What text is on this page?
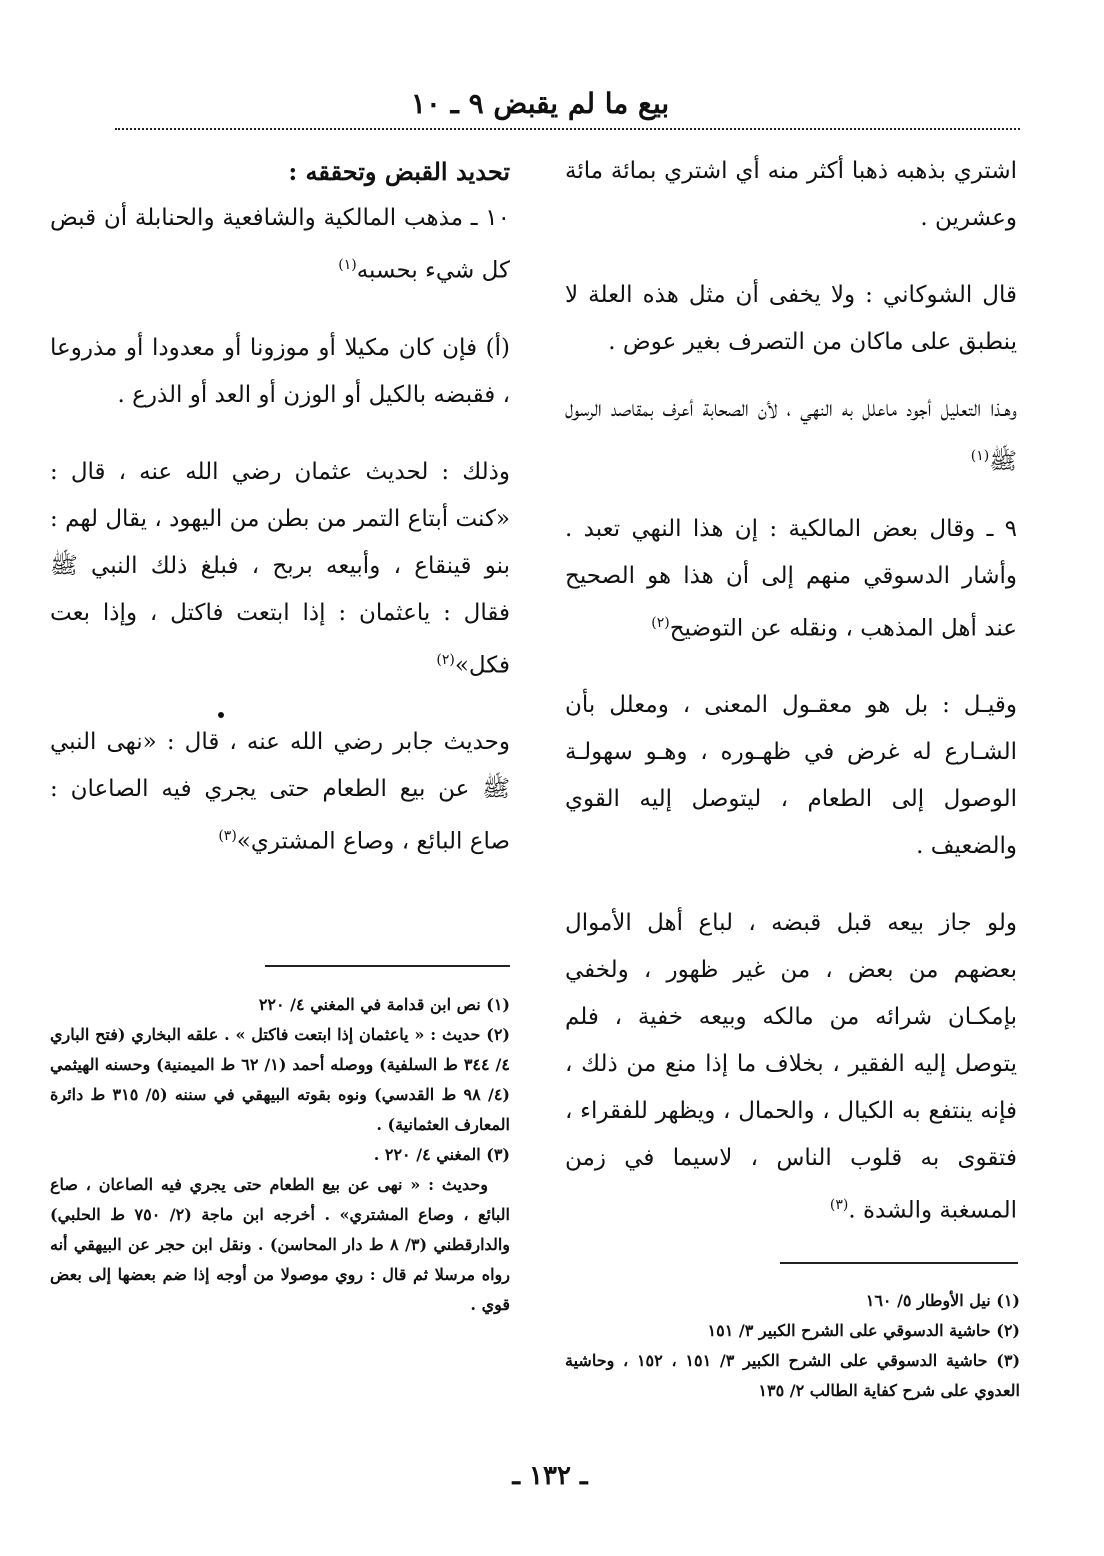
بيع ما لم يقبض ٩ ـ ١٠

اشتري بذهبه ذهبا أكثر منه أي اشتري بمائة مائة وعشرين .

قال الشوكاني : ولا يخفى أن مثل هذه العلة لا ينطبق على ماكان من التصرف بغير عوض .

وهـذا التعليل أجود ماعلل به النهي ، لأن الصحابة أعرف بمقاصد الرسول ﷺ$^{(١)}$

٩ ـ وقال بعض المالكية : إن هذا النهي تعبد . وأشار الدسوقي منهم إلى أن هذا هو الصحيح عند أهل المذهب ، ونقله عن التوضيح$^{(٢)}$

وقيـل : بل هو معقـول المعنى ، ومعلل بأن الشـارع له غرض في ظهـوره ، وهـو سهولـة الوصول إلى الطعام ، ليتوصل إليه القوي والضعيف .

ولو جاز بيعه قبل قبضه ، لباع أهل الأموال بعضهم من بعض ، من غير ظهور ، ولخفي بإمكـان شرائه من مالكه وبيعه خفية ، فلم يتوصل إليه الفقير ، بخلاف ما إذا منع من ذلك ، فإنه ينتفع به الكيال ، والحمال ، ويظهر للفقراء ، فتقوى به قلوب الناس ، لاسيما في زمن المسغبة والشدة .$^{(٣)}$

تحديد القبض وتحققه :

١٠ ـ مذهب المالكية والشافعية والحنابلة أن قبض كل شيء بحسبه$^{(١)}$

(أ) فإن كان مكيلا أو موزونا أو معدودا أو مذروعا ، فقبضه بالكيل أو الوزن أو العد أو الذرع .

وذلك : لحديث عثمان رضي الله عنه ، قال : «كنت أبتاع التمر من بطن من اليهود ، يقال لهم : بنو قينقاع ، وأبيعه بربح ، فبلغ ذلك النبي ﷺ فقال : ياعثمان : إذا ابتعت فاكتل ، وإذا بعت فكل»$^{(٢)}$

وحديث جابر رضي الله عنه ، قال : «نهى النبي ﷺ عن بيع الطعام حتى يجري فيه الصاعان : صاع البائع ، وصاع المشتري»$^{(٣)}$

(١) نص ابن قدامة في المغني ٤/ ٢٢٠

(٢) حديث : « ياعثمان إذا ابتعت فاكتل » . علقه البخاري (فتح الباري ٤/ ٣٤٤ ط السلفية) ووصله أحمد (١/ ٦٢ ط الميمنية) وحسنه الهيثمي (٤/ ٩٨ ط القدسي) ونوه بقوته البيهقي في سننه (٥/ ٣١٥ ط دائرة المعارف العثمانية) .

(٣) المغني ٤/ ٢٢٠ .

وحديث : « نهى عن بيع الطعام حتى يجري فيه الصاعان ، صاع البائع ، وصاع المشتري» . أخرجه ابن ماجة (٢/ ٧٥٠ ط الحلبي) والدارقطني (٣/ ٨ ط دار المحاسن) . ونقل ابن حجر عن البيهقي أنه رواه مرسلا ثم قال : روي موصولا من أوجه إذا ضم بعضها إلى بعض قوي .	(١) نيل الأوطار ٥/ ١٦٠

(٢) حاشية الدسوقي على الشرح الكبير ٣/ ١٥١

(٣) حاشية الدسوقي على الشرح الكبير ٣/ ١٥١ ، ١٥٢ ، وحاشية العدوي على شرح كفاية الطالب ٢/ ١٣٥

ـ ١٣٢ ـ
